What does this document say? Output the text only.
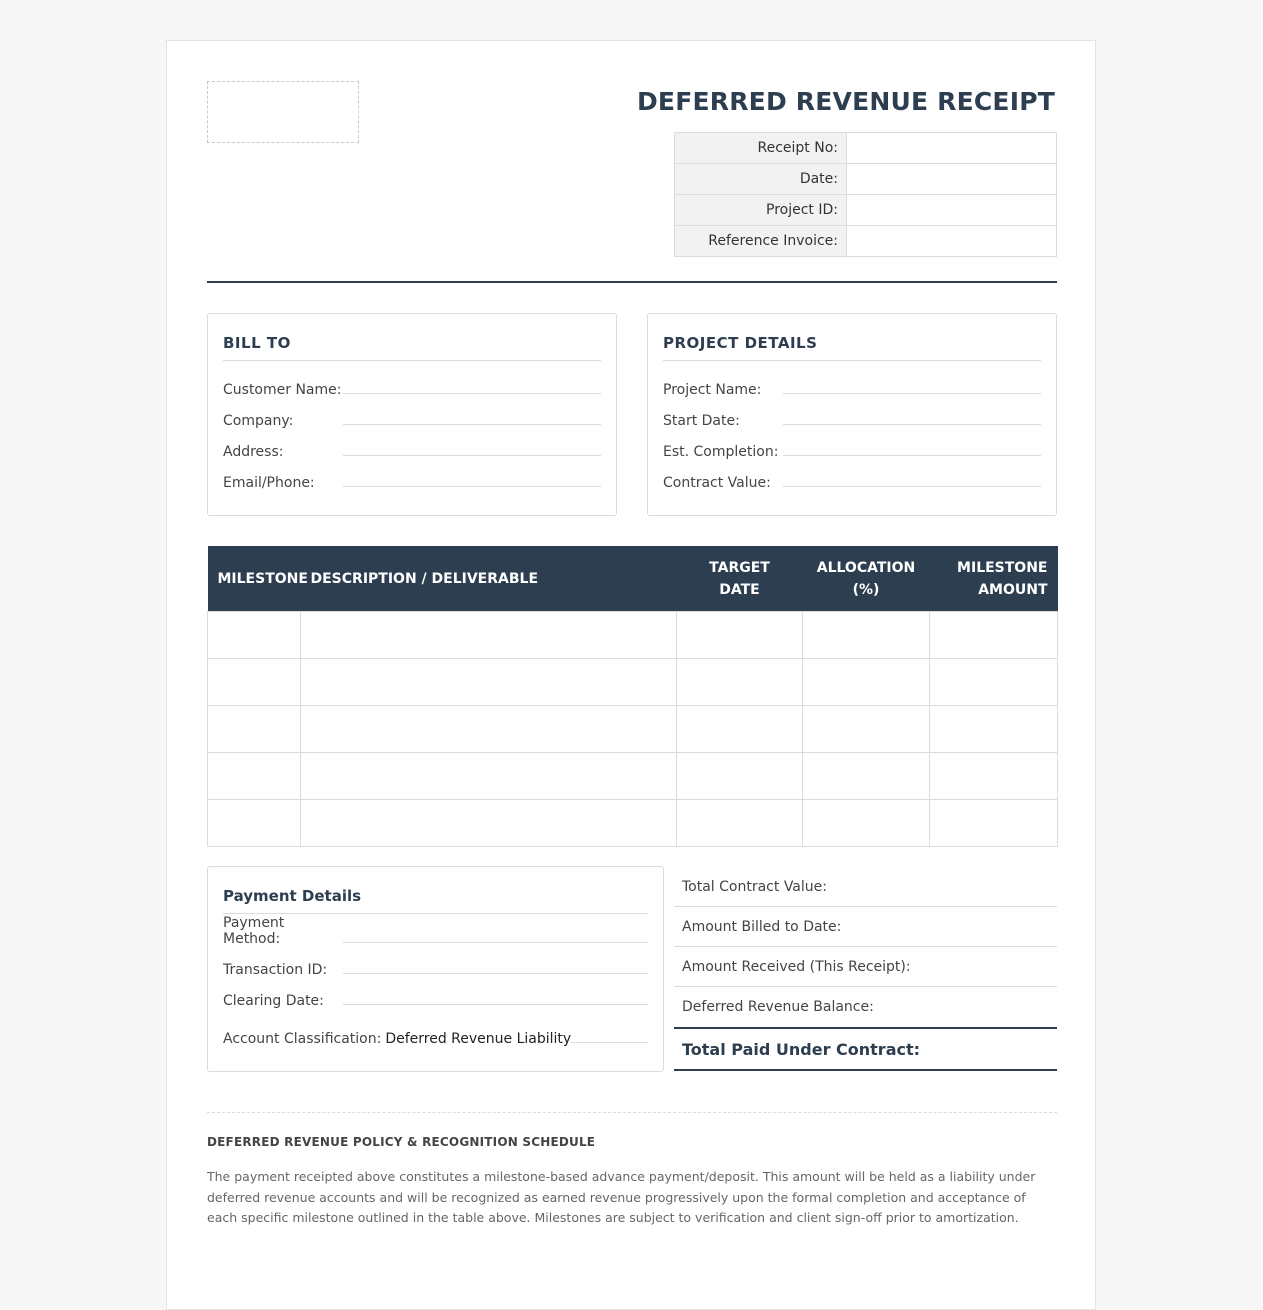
DEFERRED REVENUE RECEIPT
Receipt No:	
Date:	
Project ID:	
Reference Invoice:	
BILL TO
Customer Name:
Company:
Address:
Email/Phone:
PROJECT DETAILS
Project Name:
Start Date:
Est. Completion:
Contract Value:
MILESTONE	DESCRIPTION / DELIVERABLE	TARGET DATE	ALLOCATION (%)	MILESTONE AMOUNT

Payment Details
Payment Method:
Transaction ID:
Clearing Date:
Account Classification: Deferred Revenue Liability
Total Contract Value:
Amount Billed to Date:
Amount Received (This Receipt):
Deferred Revenue Balance:
Total Paid Under Contract:
DEFERRED REVENUE POLICY & RECOGNITION SCHEDULE
The payment receipted above constitutes a milestone-based advance payment/deposit. This amount will be held as a liability under deferred revenue accounts and will be recognized as earned revenue progressively upon the formal completion and acceptance of each specific milestone outlined in the table above. Milestones are subject to verification and client sign-off prior to amortization.
